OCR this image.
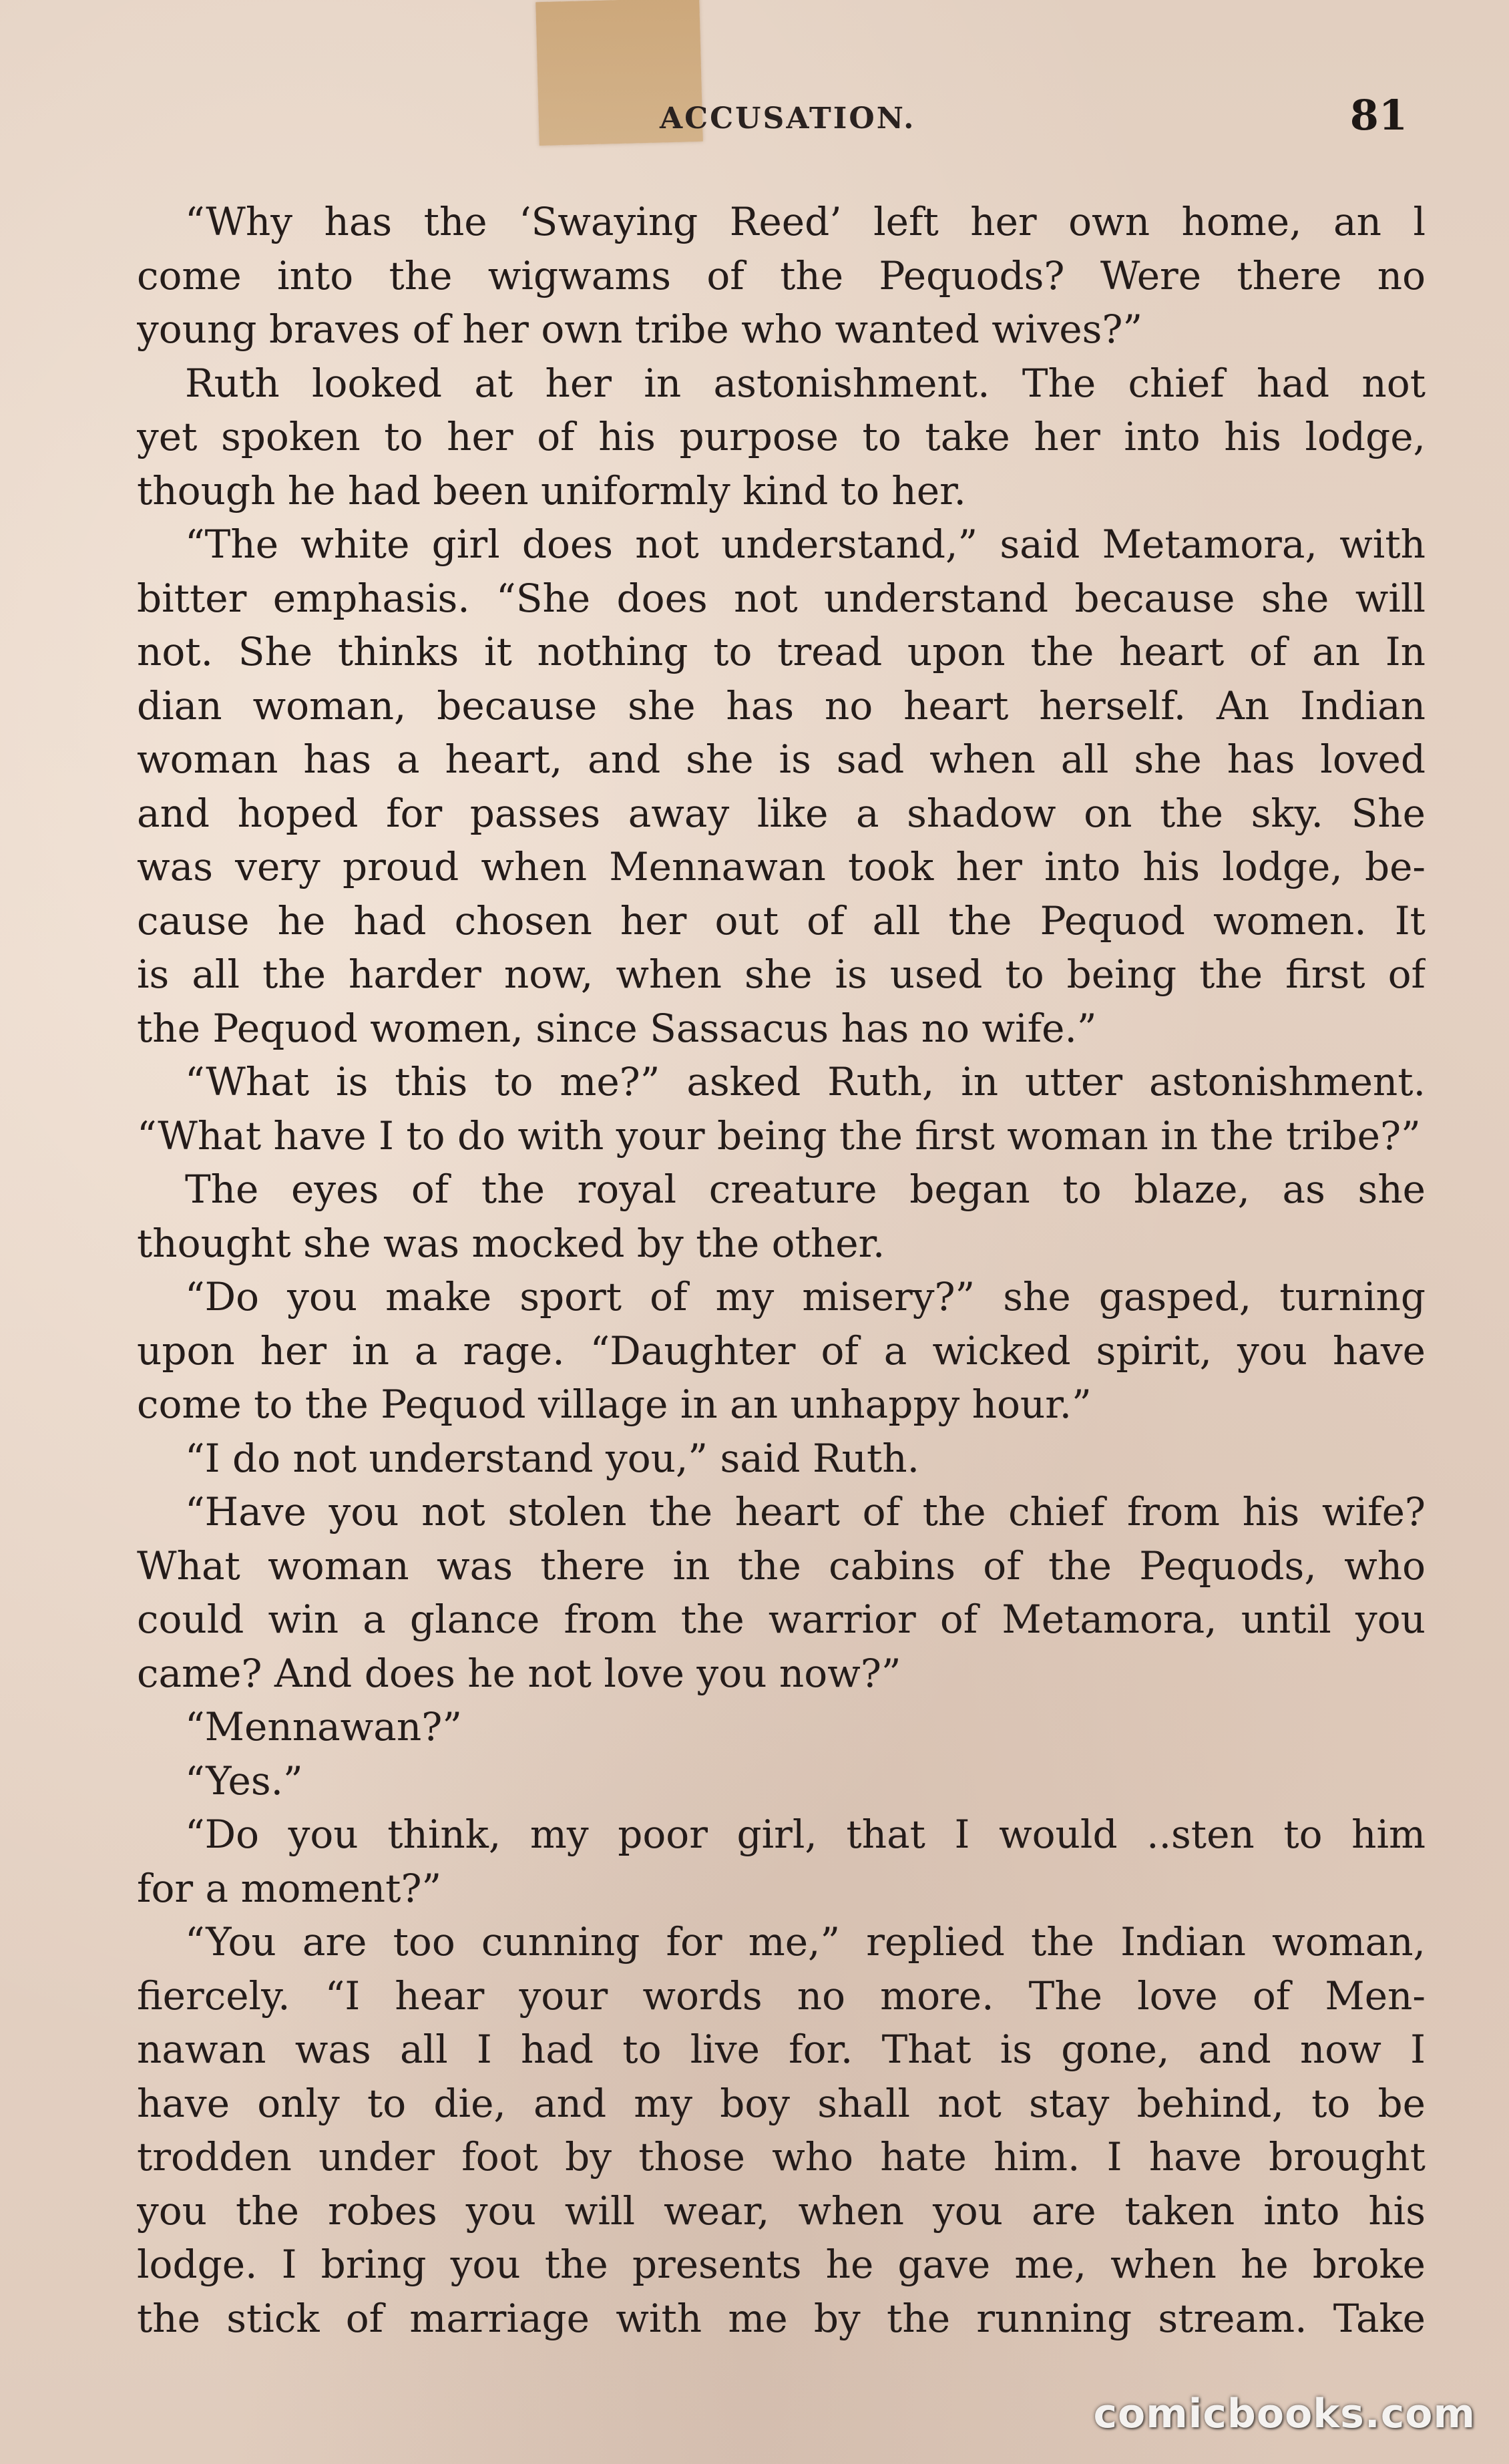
ACCUSATION.	81
“Why has the ‘Swaying Reed’ left her own home, an l
come into the wigwams of the Pequods? Were there no
young braves of her own tribe who wanted wives?”
Ruth looked at her in astonishment. The chief had not
yet spoken to her of his purpose to take her into his lodge,
though he had been uniformly kind to her.
“The white girl does not understand,” said Metamora, with
bitter emphasis. “She does not understand because she will
not. She thinks it nothing to tread upon the heart of an In
dian woman, because she has no heart herself. An Indian
woman has a heart, and she is sad when all she has loved
and hoped for passes away like a shadow on the sky. She
was very proud when Mennawan took her into his lodge, be-
cause he had chosen her out of all the Pequod women. It
is all the harder now, when she is used to being the first of
the Pequod women, since Sassacus has no wife.”
“What is this to me?” asked Ruth, in utter astonishment.
“What have I to do with your being the first woman in the tribe?”
The eyes of the royal creature began to blaze, as she
thought she was mocked by the other.
“Do you make sport of my misery?” she gasped, turning
upon her in a rage. “Daughter of a wicked spirit, you have
come to the Pequod village in an unhappy hour.”
“I do not understand you,” said Ruth.
“Have you not stolen the heart of the chief from his wife?
What woman was there in the cabins of the Pequods, who
could win a glance from the warrior of Metamora, until you
came? And does he not love you now?”
“Mennawan?”
“Yes.”
“Do you think, my poor girl, that I would ..sten to him
for a moment?”
“You are too cunning for me,” replied the Indian woman,
fiercely. “I hear your words no more. The love of Men-
nawan was all I had to live for. That is gone, and now I
have only to die, and my boy shall not stay behind, to be
trodden under foot by those who hate him. I have brought
you the robes you will wear, when you are taken into his
lodge. I bring you the presents he gave me, when he broke
the stick of marriage with me by the running stream. Take
comicbooks.com
